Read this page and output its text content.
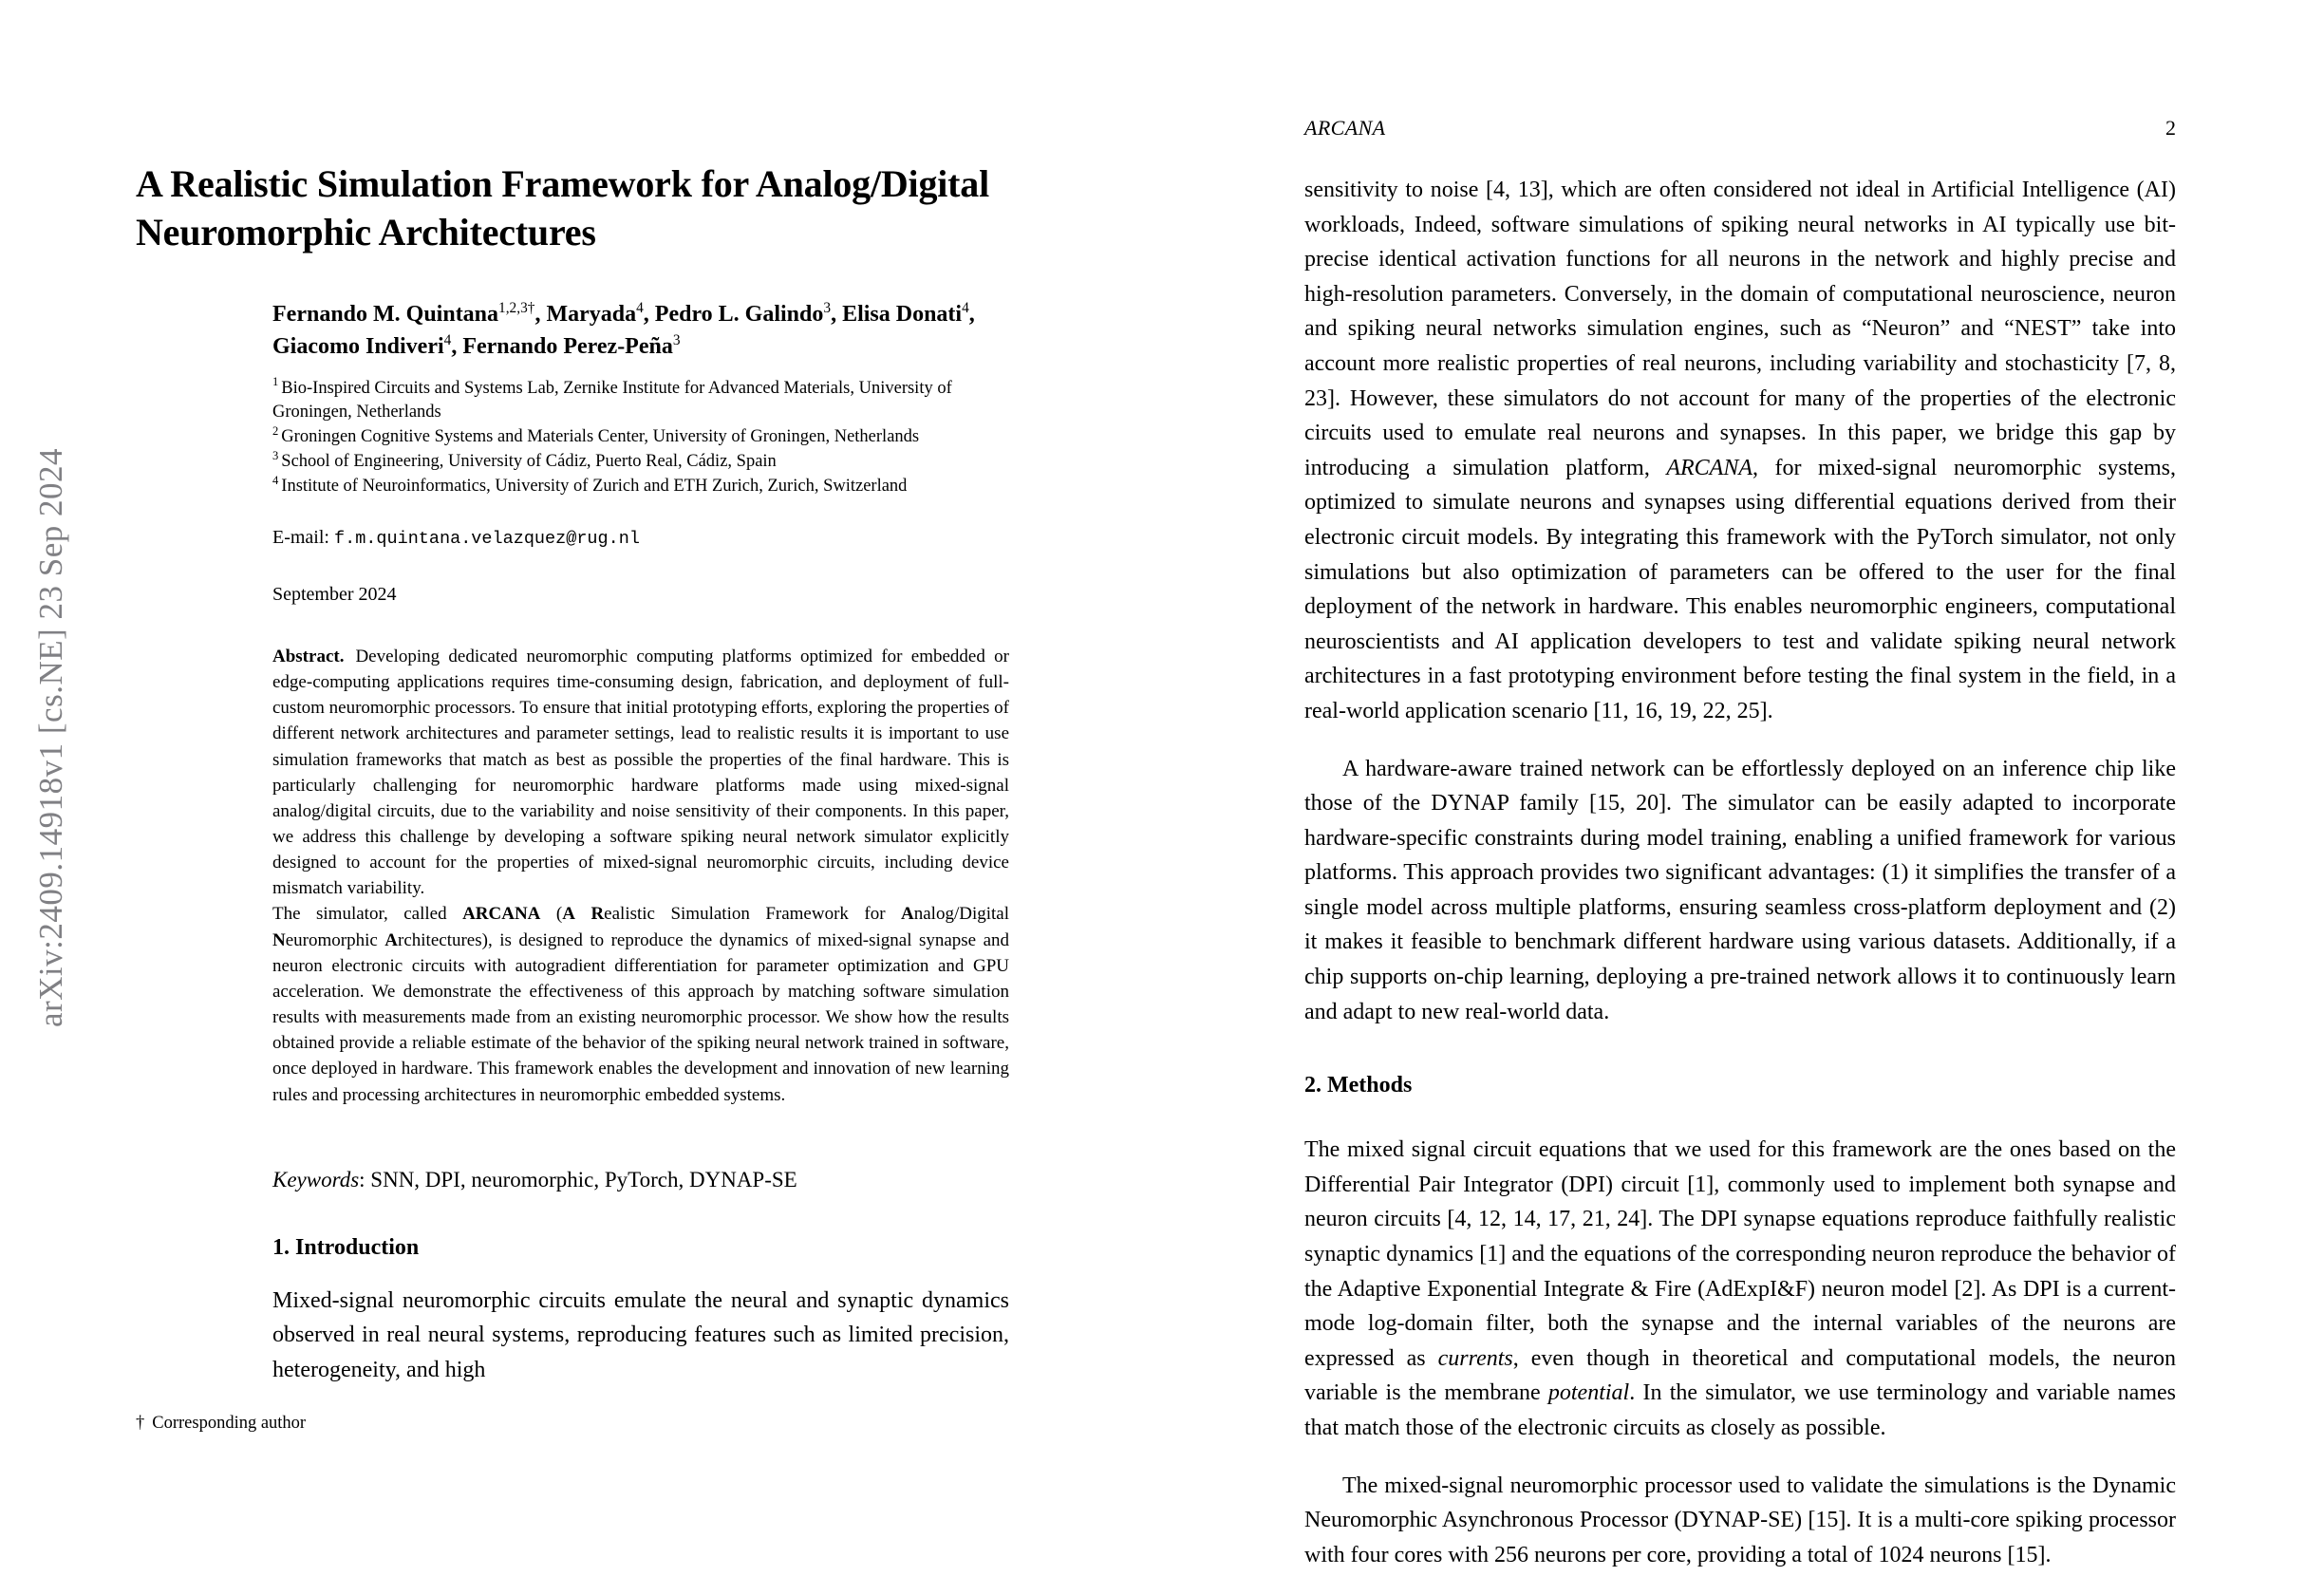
arXiv:2409.14918v1 [cs.NE] 23 Sep 2024
A Realistic Simulation Framework for Analog/Digital
Neuromorphic Architectures
Fernando M. Quintana$^{1,2,3\dagger}$, Maryada$^4$, Pedro L. Galindo$^3$, Elisa Donati$^4$,
Giacomo Indiveri$^4$, Fernando Perez-Peña$^3$
$^1$ Bio-Inspired Circuits and Systems Lab, Zernike Institute for Advanced Materials, University of Groningen, Netherlands
$^2$ Groningen Cognitive Systems and Materials Center, University of Groningen, Netherlands
$^3$ School of Engineering, University of Cádiz, Puerto Real, Cádiz, Spain
$^4$ Institute of Neuroinformatics, University of Zurich and ETH Zurich, Zurich, Switzerland
E-mail: f.m.quintana.velazquez@rug.nl
September 2024

Abstract. Developing dedicated neuromorphic computing platforms optimized for embedded or edge-computing applications requires time-consuming design, fabrication, and deployment of full-custom neuromorphic processors. To ensure that initial prototyping efforts, exploring the properties of different network architectures and parameter settings, lead to realistic results it is important to use simulation frameworks that match as best as possible the properties of the final hardware. This is particularly challenging for neuromorphic hardware platforms made using mixed-signal analog/digital circuits, due to the variability and noise sensitivity of their components. In this paper, we address this challenge by developing a software spiking neural network simulator explicitly designed to account for the properties of mixed-signal neuromorphic circuits, including device mismatch variability.

The simulator, called ARCANA (A Realistic Simulation Framework for Analog/Digital Neuromorphic Architectures), is designed to reproduce the dynamics of mixed-signal synapse and neuron electronic circuits with autogradient differentiation for parameter optimization and GPU acceleration. We demonstrate the effectiveness of this approach by matching software simulation results with measurements made from an existing neuromorphic processor. We show how the results obtained provide a reliable estimate of the behavior of the spiking neural network trained in software, once deployed in hardware. This framework enables the development and innovation of new learning rules and processing architectures in neuromorphic embedded systems.

Keywords: SNN, DPI, neuromorphic, PyTorch, DYNAP-SE
1. Introduction
Mixed-signal neuromorphic circuits emulate the neural and synaptic dynamics observed in real neural systems, reproducing features such as limited precision, heterogeneity, and high
† Corresponding author
ARCANA	2

sensitivity to noise [4, 13], which are often considered not ideal in Artificial Intelligence (AI) workloads, Indeed, software simulations of spiking neural networks in AI typically use bit-precise identical activation functions for all neurons in the network and highly precise and high-resolution parameters. Conversely, in the domain of computational neuroscience, neuron and spiking neural networks simulation engines, such as “Neuron” and “NEST” take into account more realistic properties of real neurons, including variability and stochasticity [7, 8, 23]. However, these simulators do not account for many of the properties of the electronic circuits used to emulate real neurons and synapses. In this paper, we bridge this gap by introducing a simulation platform, ARCANA, for mixed-signal neuromorphic systems, optimized to simulate neurons and synapses using differential equations derived from their electronic circuit models. By integrating this framework with the PyTorch simulator, not only simulations but also optimization of parameters can be offered to the user for the final deployment of the network in hardware. This enables neuromorphic engineers, computational neuroscientists and AI application developers to test and validate spiking neural network architectures in a fast prototyping environment before testing the final system in the field, in a real-world application scenario [11, 16, 19, 22, 25].

A hardware-aware trained network can be effortlessly deployed on an inference chip like those of the DYNAP family [15, 20]. The simulator can be easily adapted to incorporate hardware-specific constraints during model training, enabling a unified framework for various platforms. This approach provides two significant advantages: (1) it simplifies the transfer of a single model across multiple platforms, ensuring seamless cross-platform deployment and (2) it makes it feasible to benchmark different hardware using various datasets. Additionally, if a chip supports on-chip learning, deploying a pre-trained network allows it to continuously learn and adapt to new real-world data.

2. Methods

The mixed signal circuit equations that we used for this framework are the ones based on the Differential Pair Integrator (DPI) circuit [1], commonly used to implement both synapse and neuron circuits [4, 12, 14, 17, 21, 24]. The DPI synapse equations reproduce faithfully realistic synaptic dynamics [1] and the equations of the corresponding neuron reproduce the behavior of the Adaptive Exponential Integrate & Fire (AdExpI&F) neuron model [2]. As DPI is a current-mode log-domain filter, both the synapse and the internal variables of the neurons are expressed as currents, even though in theoretical and computational models, the neuron variable is the membrane potential. In the simulator, we use terminology and variable names that match those of the electronic circuits as closely as possible.

The mixed-signal neuromorphic processor used to validate the simulations is the Dynamic Neuromorphic Asynchronous Processor (DYNAP-SE) [15]. It is a multi-core spiking processor with four cores with 256 neurons per core, providing a total of 1024 neurons [15].
